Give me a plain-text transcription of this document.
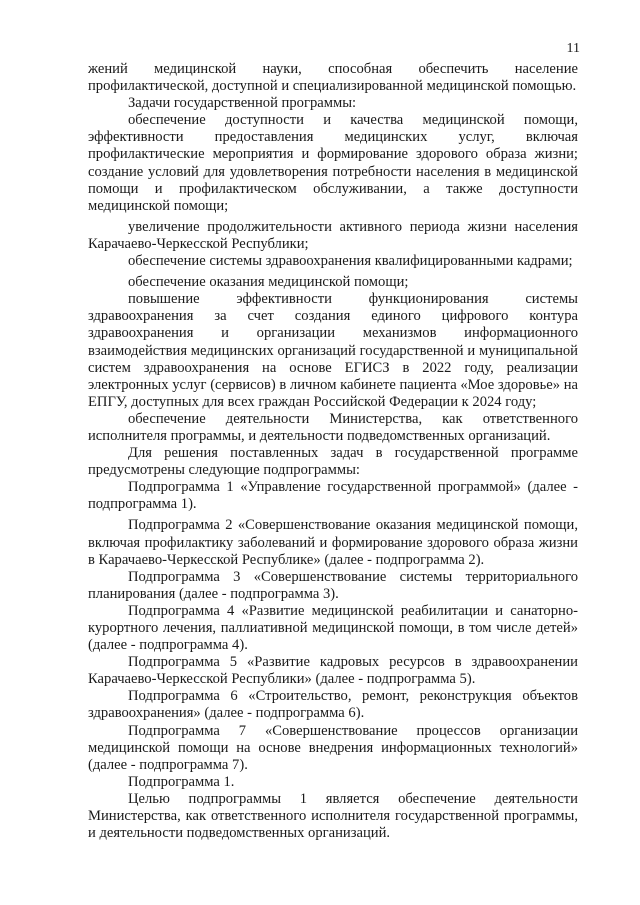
11

жений медицинской науки, способная обеспечить население профилактической, доступной и специализированной медицинской помощью.

Задачи государственной программы:

обеспечение доступности и качества медицинской помощи, эффективности предоставления медицинских услуг, включая профилактические мероприятия и формирование здорового образа жизни; создание условий для удовлетворения потребности населения в медицинской помощи и профилактическом обслуживании, а также доступности медицинской помощи;

увеличение продолжительности активного периода жизни населения Карачаево-Черкесской Республики;

обеспечение системы здравоохранения квалифицированными кадрами;

обеспечение оказания медицинской помощи;

повышение эффективности функционирования системы здравоохранения за счет создания единого цифрового контура здравоохранения и организации механизмов информационного взаимодействия медицинских организаций государственной и муниципальной систем здравоохранения на основе ЕГИСЗ в 2022 году, реализации электронных услуг (сервисов) в личном кабинете пациента «Мое здоровье» на ЕПГУ, доступных для всех граждан Российской Федерации к 2024 году;

обеспечение деятельности Министерства, как ответственного исполнителя программы, и деятельности подведомственных организаций.

Для решения поставленных задач в государственной программе предусмотрены следующие подпрограммы:

Подпрограмма 1 «Управление государственной программой» (далее - подпрограмма 1).

Подпрограмма 2 «Совершенствование оказания медицинской помощи, включая профилактику заболеваний и формирование здорового образа жизни в Карачаево-Черкесской Республике» (далее - подпрограмма 2).

Подпрограмма 3 «Совершенствование системы территориального планирования (далее - подпрограмма 3).

Подпрограмма 4 «Развитие медицинской реабилитации и санаторно-курортного лечения, паллиативной медицинской помощи, в том числе детей» (далее - подпрограмма 4).

Подпрограмма 5 «Развитие кадровых ресурсов в здравоохранении Карачаево-Черкесской Республики» (далее - подпрограмма 5).

Подпрограмма 6 «Строительство, ремонт, реконструкция объектов здравоохранения» (далее - подпрограмма 6).

Подпрограмма 7 «Совершенствование процессов организации медицинской помощи на основе внедрения информационных технологий» (далее - подпрограмма 7).

Подпрограмма 1.

Целью подпрограммы 1 является обеспечение деятельности Министерства, как ответственного исполнителя государственной программы, и деятельности подведомственных организаций.
